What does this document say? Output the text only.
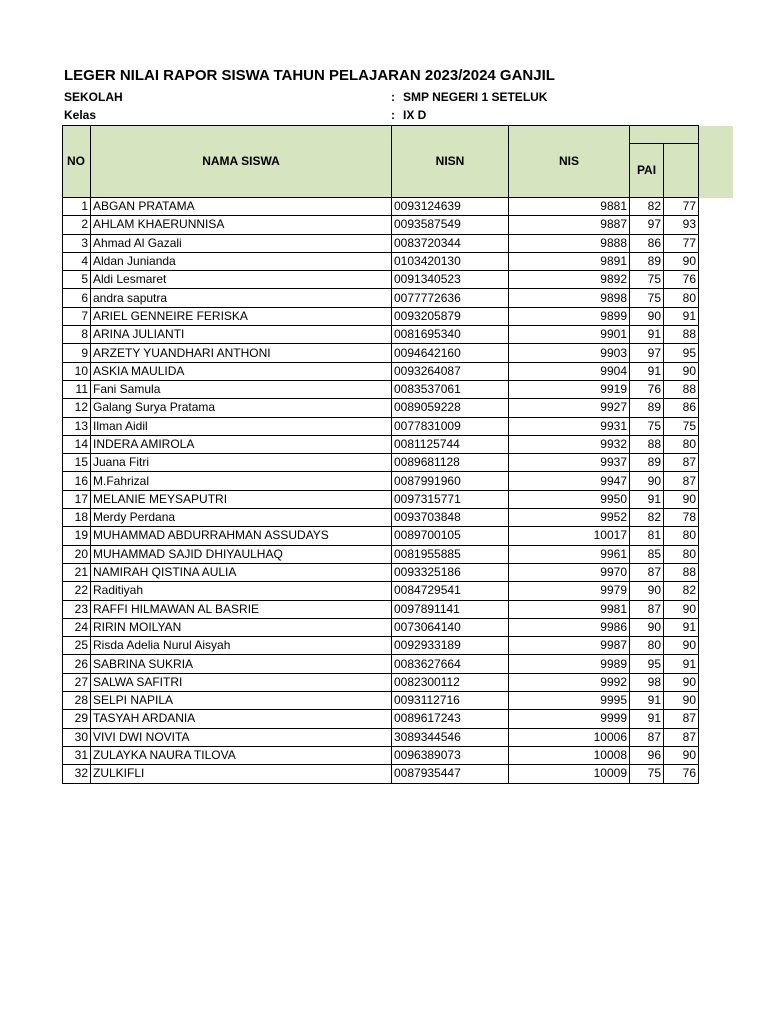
LEGER NILAI RAPOR SISWA TAHUN PELAJARAN 2023/2024 GANJIL
SEKOLAH	: SMP NEGERI 1 SETELUK
Kelas	: IX D
NO	NAMA SISWA	NISN	NIS		
				PAI	

1	ABGAN PRATAMA	0093124639	9881	82	77
2	AHLAM KHAERUNNISA	0093587549	9887	97	93
3	Ahmad Al Gazali	0083720344	9888	86	77
4	Aldan Junianda	0103420130	9891	89	90
5	Aldi Lesmaret	0091340523	9892	75	76
6	andra saputra	0077772636	9898	75	80
7	ARIEL GENNEIRE FERISKA	0093205879	9899	90	91
8	ARINA JULIANTI	0081695340	9901	91	88
9	ARZETY YUANDHARI ANTHONI	0094642160	9903	97	95
10	ASKIA MAULIDA	0093264087	9904	91	90
11	Fani Samula	0083537061	9919	76	88
12	Galang Surya Pratama	0089059228	9927	89	86
13	Ilman Aidil	0077831009	9931	75	75
14	INDERA AMIROLA	0081125744	9932	88	80
15	Juana Fitri	0089681128	9937	89	87
16	M.Fahrizal	0087991960	9947	90	87
17	MELANIE MEYSAPUTRI	0097315771	9950	91	90
18	Merdy Perdana	0093703848	9952	82	78
19	MUHAMMAD ABDURRAHMAN ASSUDAYS	0089700105	10017	81	80
20	MUHAMMAD SAJID DHIYAULHAQ	0081955885	9961	85	80
21	NAMIRAH QISTINA AULIA	0093325186	9970	87	88
22	Raditiyah	0084729541	9979	90	82
23	RAFFI HILMAWAN AL BASRIE	0097891141	9981	87	90
24	RIRIN MOILYAN	0073064140	9986	90	91
25	Risda Adelia Nurul Aisyah	0092933189	9987	80	90
26	SABRINA SUKRIA	0083627664	9989	95	91
27	SALWA SAFITRI	0082300112	9992	98	90
28	SELPI NAPILA	0093112716	9995	91	90
29	TASYAH ARDANIA	0089617243	9999	91	87
30	VIVI DWI NOVITA	3089344546	10006	87	87
31	ZULAYKA NAURA TILOVA	0096389073	10008	96	90
32	ZULKIFLI	0087935447	10009	75	76
